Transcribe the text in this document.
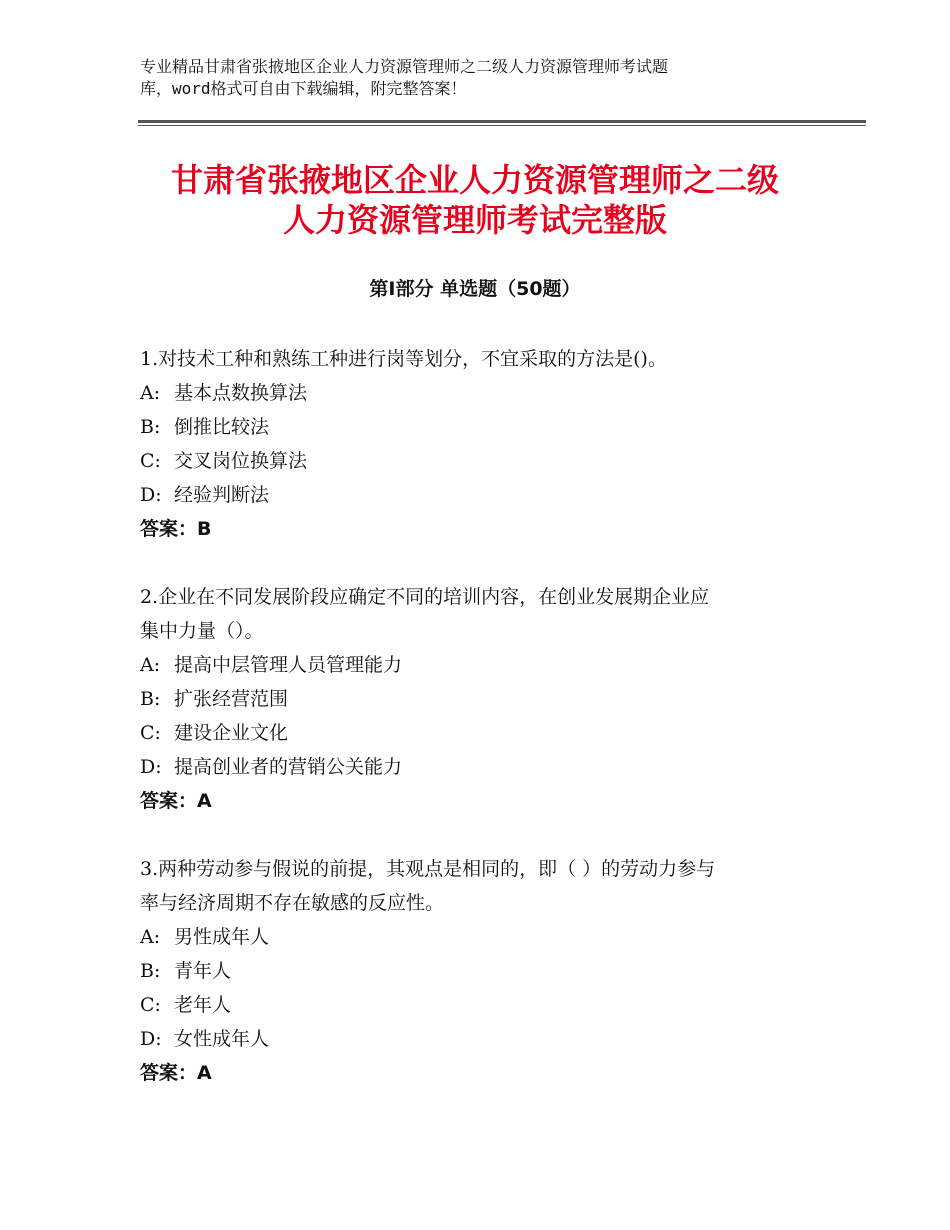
专业精品甘肃省张掖地区企业人力资源管理师之二级人力资源管理师考试题
库，word格式可自由下载编辑，附完整答案！
甘肃省张掖地区企业人力资源管理师之二级
人力资源管理师考试完整版
第Ⅰ部分 单选题（50题）
1.对技术工种和熟练工种进行岗等划分，不宜采取的方法是()。
A: 基本点数换算法
B: 倒推比较法
C: 交叉岗位换算法
D: 经验判断法
答案：B
2.企业在不同发展阶段应确定不同的培训内容，在创业发展期企业应
集中力量（）。
A: 提高中层管理人员管理能力
B: 扩张经营范围
C: 建设企业文化
D: 提高创业者的营销公关能力
答案：A
3.两种劳动参与假说的前提，其观点是相同的，即（ ）的劳动力参与
率与经济周期不存在敏感的反应性。
A: 男性成年人
B: 青年人
C: 老年人
D: 女性成年人
答案：A
